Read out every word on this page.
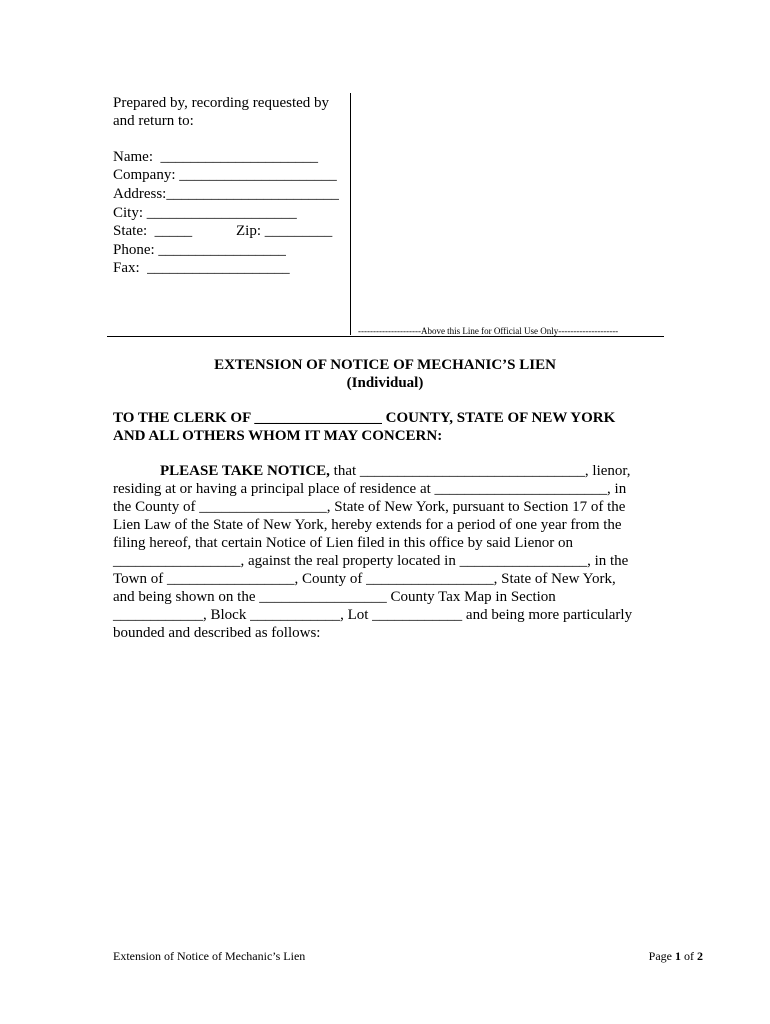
Prepared by, recording requested by
and return to:
Name:  _____________________
Company: _____________________
Address:_______________________
City: ____________________
State:  _____	Zip: _________
Phone: _________________
Fax:  ___________________
---------------------Above this Line for Official Use Only--------------------
EXTENSION OF NOTICE OF MECHANIC’S LIEN
(Individual)
TO THE CLERK OF _________________ COUNTY, STATE OF NEW YORK
AND ALL OTHERS WHOM IT MAY CONCERN:
PLEASE TAKE NOTICE, that ______________________________, lienor,
residing at or having a principal place of residence at _______________________, in
the County of _________________, State of New York, pursuant to Section 17 of the
Lien Law of the State of New York, hereby extends for a period of one year from the
filing hereof, that certain Notice of Lien filed in this office by said Lienor on
_________________, against the real property located in _________________, in the
Town of _________________, County of _________________, State of New York,
and being shown on the _________________ County Tax Map in Section
____________, Block ____________, Lot ____________ and being more particularly
bounded and described as follows:
Extension of Notice of Mechanic’s Lien	Page 1 of 2
